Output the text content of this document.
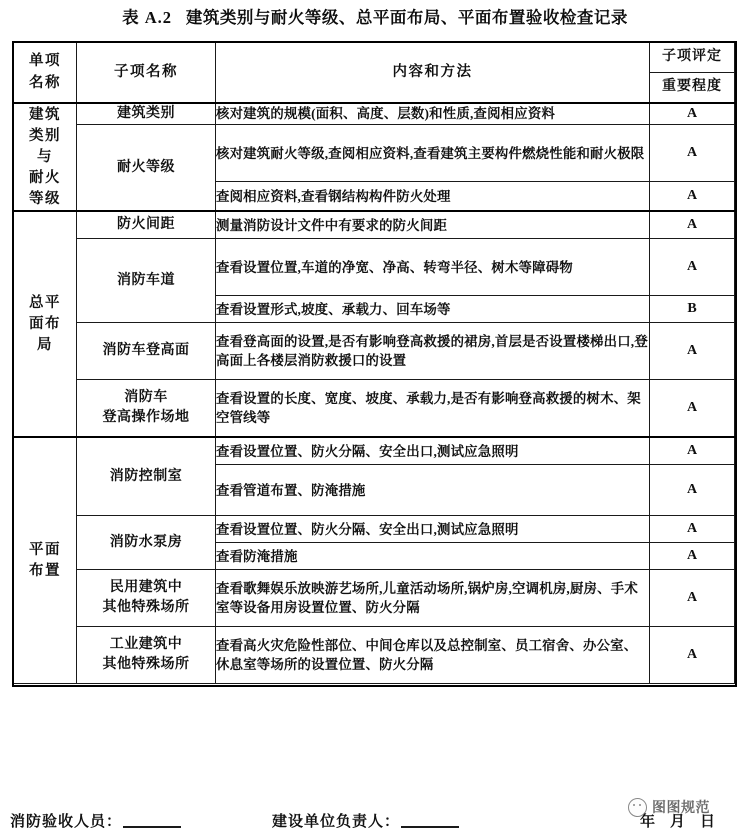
表 A.2 建筑类别与耐火等级、总平面布局、平面布置验收检查记录
单项
名称	子项名称	内容和方法	子项评定
			重要程度

建筑
类别
与
耐火
等级	建筑类别	核对建筑的规模(面积、高度、层数)和性质,查阅相应资料	A
	耐火等级	核对建筑耐火等级,查阅相应资料,查看建筑主要构件燃烧性能和耐火极限	A
		查阅相应资料,查看钢结构构件防火处理	A

总平
面布
局	防火间距	测量消防设计文件中有要求的防火间距	A
	消防车道	查看设置位置,车道的净宽、净高、转弯半径、树木等障碍物	A
		查看设置形式,坡度、承载力、回车场等	B
	消防车登高面	查看登高面的设置,是否有影响登高救援的裙房,首层是否设置楼梯出口,登高面上各楼层消防救援口的设置	A

	消防车
登高操作场地	查看设置的长度、宽度、坡度、承载力,是否有影响登高救援的树木、架空管线等	A

平面
布置	消防控制室	查看设置位置、防火分隔、安全出口,测试应急照明	A
		查看管道布置、防淹措施	A
	消防水泵房	查看设置位置、防火分隔、安全出口,测试应急照明	A
		查看防淹措施	A

	民用建筑中
其他特殊场所	查看歌舞娱乐放映游艺场所,儿童活动场所,锅炉房,空调机房,厨房、手术室等设备用房设置位置、防火分隔	A

	工业建筑中
其他特殊场所	查看高火灾危险性部位、中间仓库以及总控制室、员工宿舍、办公室、休息室等场所的设置位置、防火分隔	A
消防验收人员：	建设单位负责人：	年 月 日
图图规范
